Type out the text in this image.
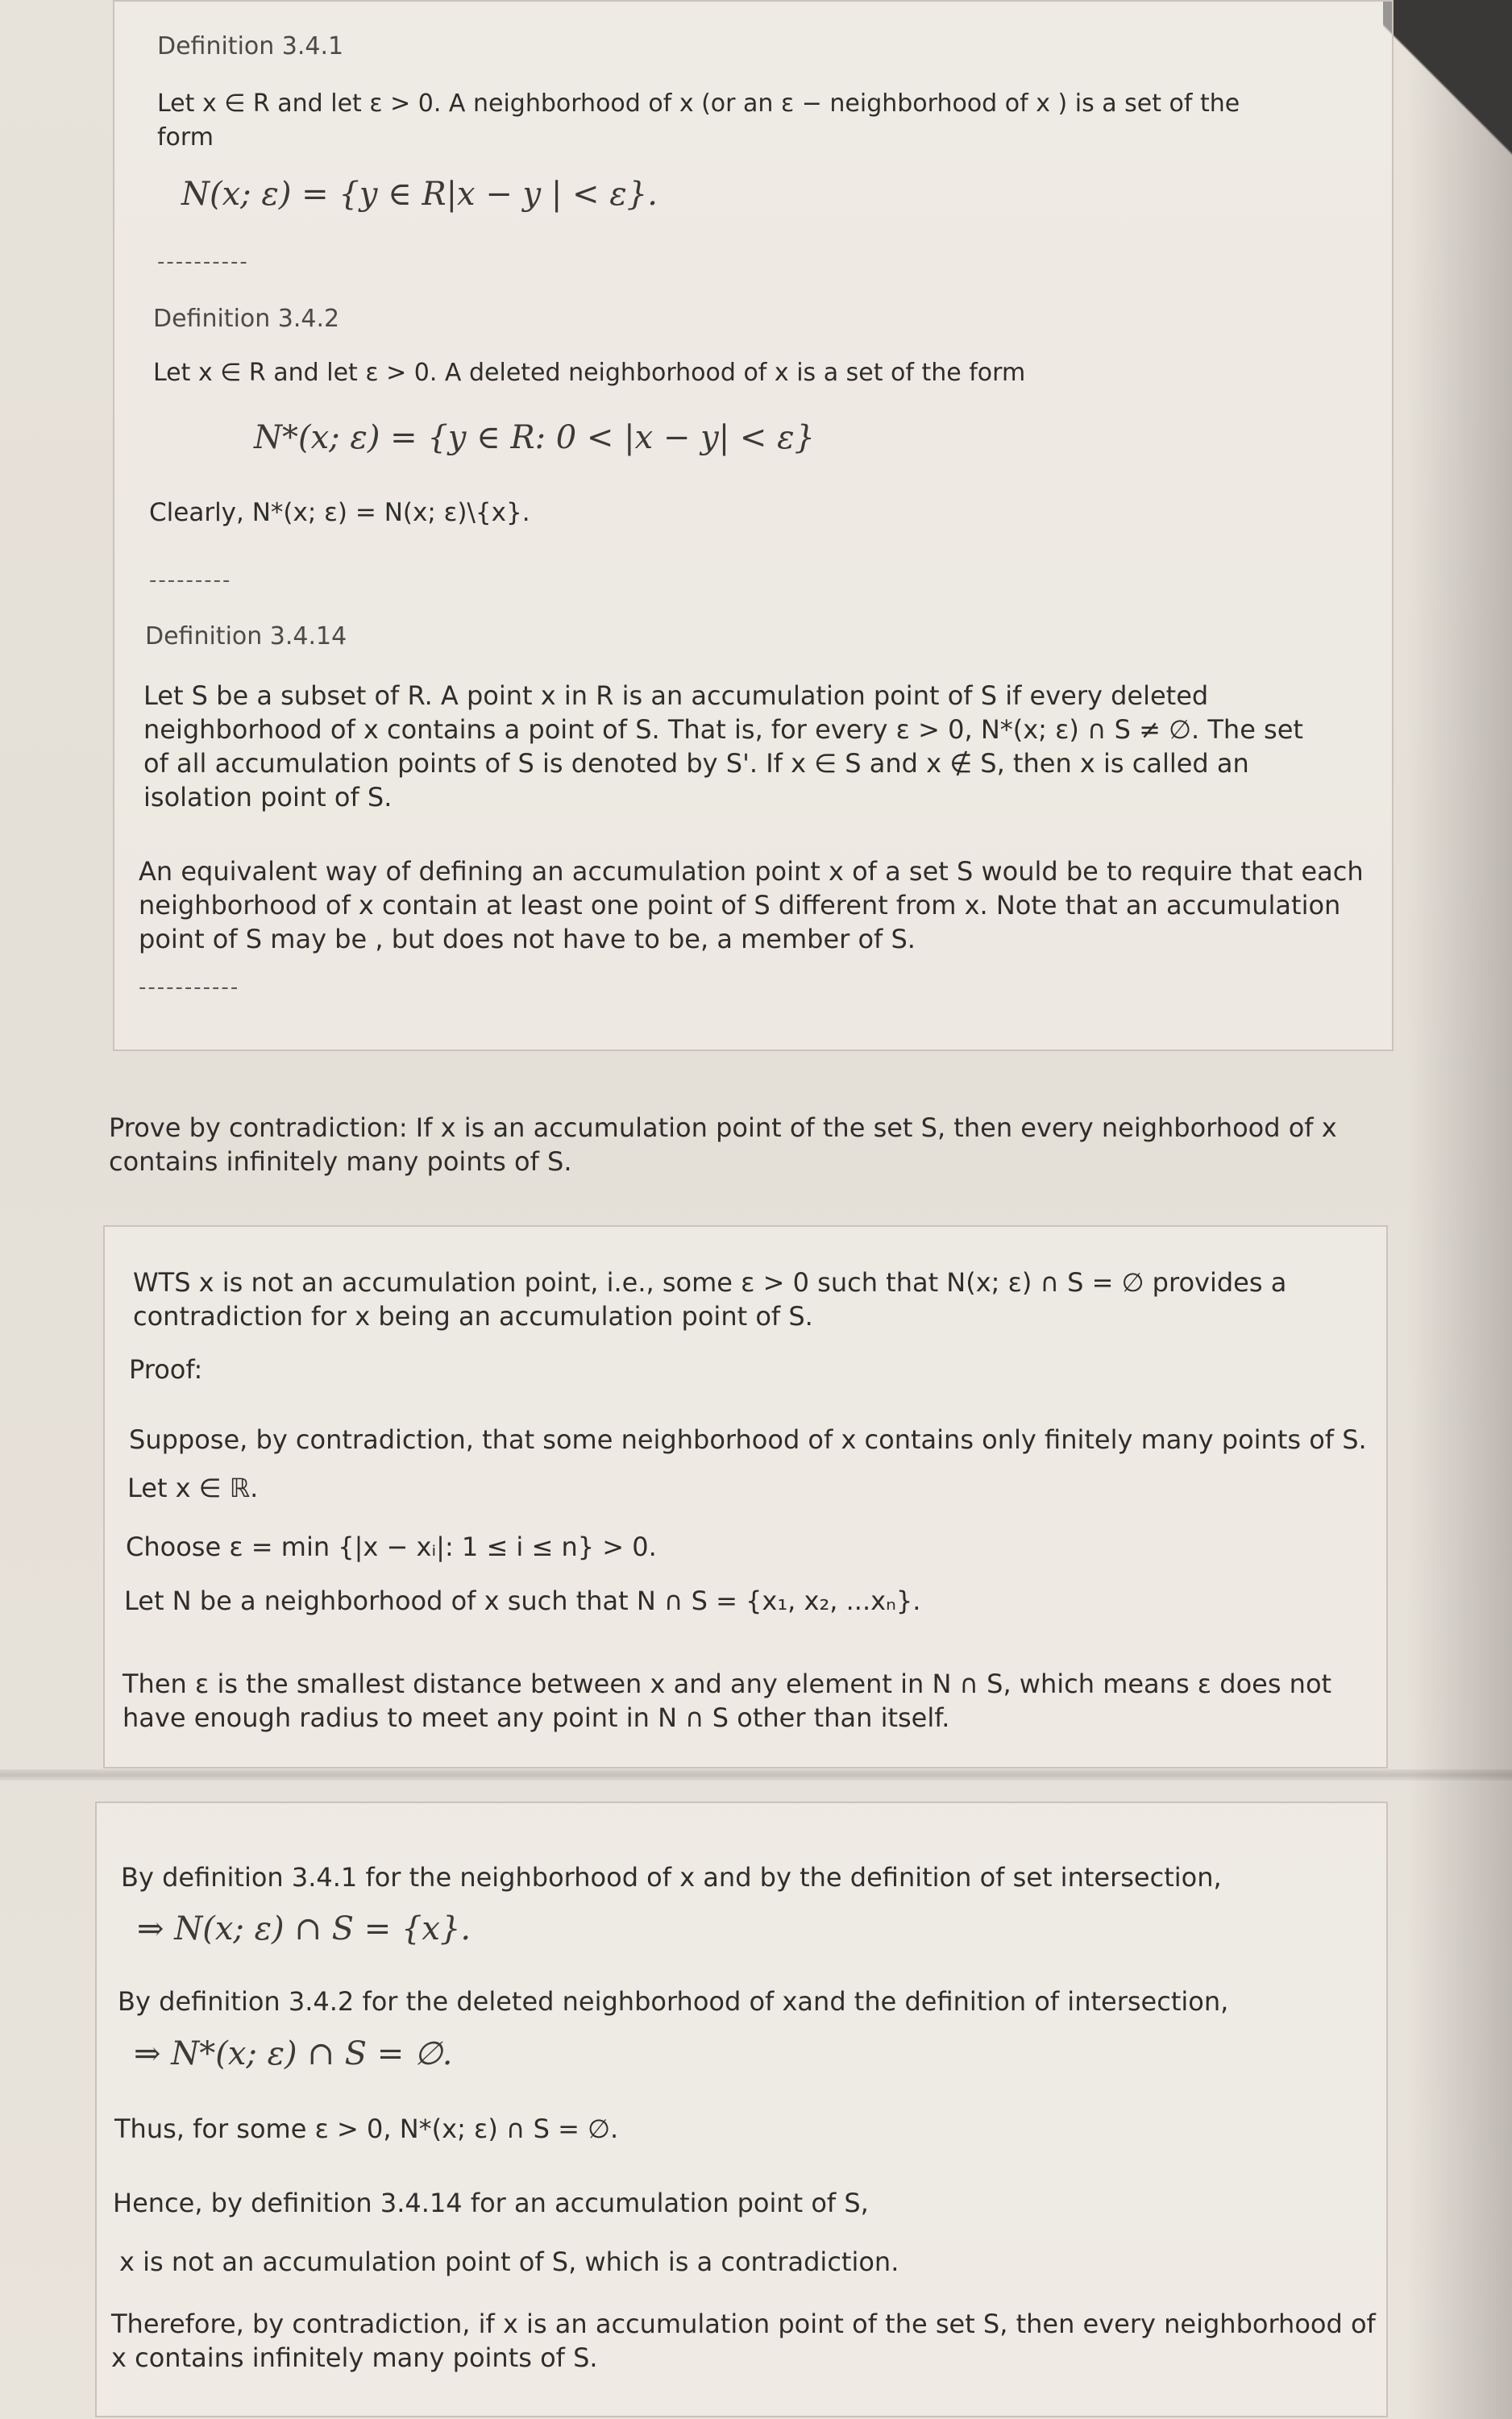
Definition 3.4.1
Let x ∈ R and let ε > 0. A neighborhood of x (or an ε − neighborhood of x ) is a set of the
form
N(x; ε) = {y ∈ R|x − y | < ε}.
----------
Definition 3.4.2
Let x ∈ R and let ε > 0. A deleted neighborhood of x is a set of the form
N*(x; ε) = {y ∈ R: 0 < |x − y| < ε}
Clearly, N*(x; ε) = N(x; ε)\{x}.
---------
Definition 3.4.14
Let S be a subset of R. A point x in R is an accumulation point of S if every deleted
neighborhood of x contains a point of S. That is, for every ε > 0, N*(x; ε) ∩ S ≠ ∅. The set
of all accumulation points of S is denoted by S'. If x ∈ S and x ∉ S, then x is called an
isolation point of S.
An equivalent way of defining an accumulation point x of a set S would be to require that each
neighborhood of x contain at least one point of S different from x. Note that an accumulation
point of S may be , but does not have to be, a member of S.
-----------
Prove by contradiction: If x is an accumulation point of the set S, then every neighborhood of x
contains infinitely many points of S.
WTS x is not an accumulation point, i.e., some ε > 0 such that N(x; ε) ∩ S = ∅ provides a
contradiction for x being an accumulation point of S.
Proof:
Suppose, by contradiction, that some neighborhood of x contains only finitely many points of S.
Let x ∈ ℝ.
Choose ε = min {|x − xᵢ|: 1 ≤ i ≤ n} > 0.
Let N be a neighborhood of x such that N ∩ S = {x₁, x₂, ...xₙ}.
Then ε is the smallest distance between x and any element in N ∩ S, which means ε does not
have enough radius to meet any point in N ∩ S other than itself.
By definition 3.4.1 for the neighborhood of x and by the definition of set intersection,
⇒ N(x; ε) ∩ S = {x}.
By definition 3.4.2 for the deleted neighborhood of xand the definition of intersection,
⇒ N*(x; ε) ∩ S = ∅.
Thus, for some ε > 0, N*(x; ε) ∩ S = ∅.
Hence, by definition 3.4.14 for an accumulation point of S,
x is not an accumulation point of S, which is a contradiction.
Therefore, by contradiction, if x is an accumulation point of the set S, then every neighborhood of
x contains infinitely many points of S.
